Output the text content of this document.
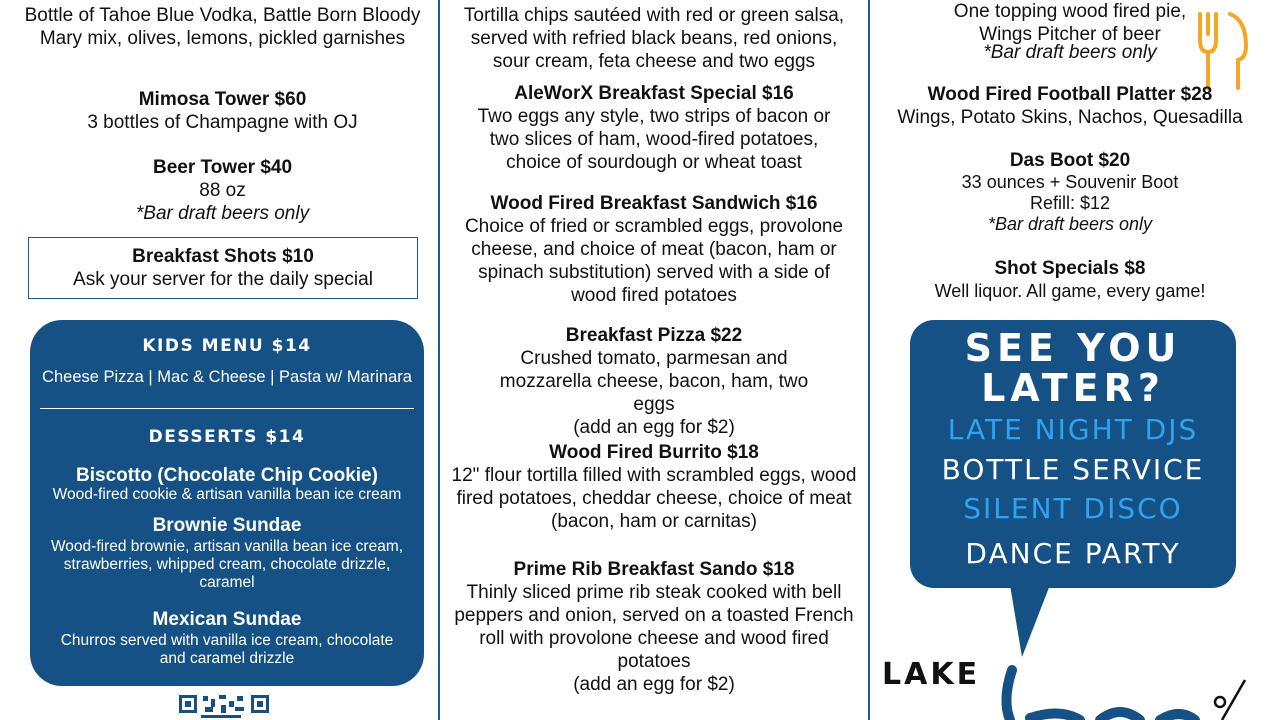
Bottle of Tahoe Blue Vodka, Battle Born Bloody Mary mix, olives, lemons, pickled garnishes
Mimosa Tower $60
3 bottles of Champagne with OJ
Beer Tower $40
88 oz
*Bar draft beers only
Breakfast Shots $10
Ask your server for the daily special
KIDS MENU $14
Cheese Pizza | Mac & Cheese | Pasta w/ Marinara
DESSERTS $14
Biscotto (Chocolate Chip Cookie)
Wood-fired cookie & artisan vanilla bean ice cream
Brownie Sundae
Wood-fired brownie, artisan vanilla bean ice cream, strawberries, whipped cream, chocolate drizzle, caramel
Mexican Sundae
Churros served with vanilla ice cream, chocolate and caramel drizzle
Tortilla chips sautéed with red or green salsa, served with refried black beans, red onions, sour cream, feta cheese and two eggs
AleWorX Breakfast Special $16
Two eggs any style, two strips of bacon or two slices of ham, wood-fired potatoes, choice of sourdough or wheat toast
Wood Fired Breakfast Sandwich $16
Choice of fried or scrambled eggs, provolone cheese, and choice of meat (bacon, ham or spinach substitution) served with a side of wood fired potatoes
Breakfast Pizza $22
Crushed tomato, parmesan and mozzarella cheese, bacon, ham, two eggs
(add an egg for $2)
Wood Fired Burrito $18
12" flour tortilla filled with scrambled eggs, wood fired potatoes, cheddar cheese, choice of meat (bacon, ham or carnitas)
Prime Rib Breakfast Sando $18
Thinly sliced prime rib steak cooked with bell peppers and onion, served on a toasted French roll with provolone cheese and wood fired potatoes
(add an egg for $2)
One topping wood fired pie, Wings Pitcher of beer
*Bar draft beers only
Wood Fired Football Platter $28
Wings, Potato Skins, Nachos, Quesadilla
Das Boot $20
33 ounces + Souvenir Boot
Refill: $12
*Bar draft beers only
Shot Specials $8
Well liquor. All game, every game!
SEE YOU
LATER?
LATE NIGHT DJS
BOTTLE SERVICE
SILENT DISCO
DANCE PARTY
LAKE
